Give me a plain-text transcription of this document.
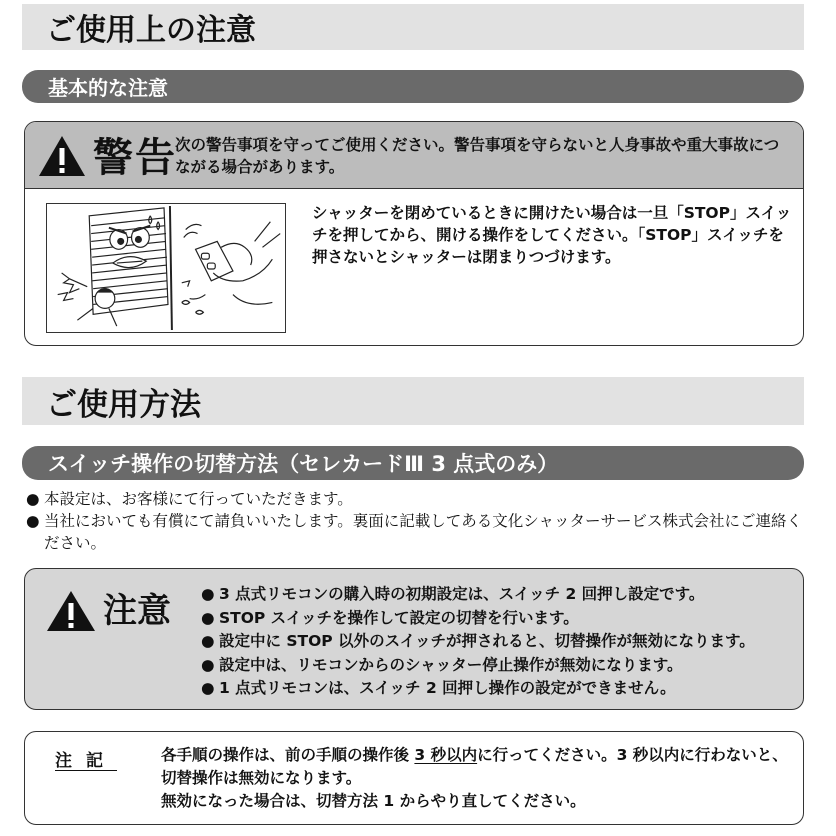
ご使用上の注意
基本的な注意
警告
次の警告事項を守ってご使用ください。警告事項を守らないと人身事故や重大事故につながる場合があります。
シャッターを閉めているときに開けたい場合は一旦「STOP」スイッチを押してから、開ける操作をしてください。「STOP」スイッチを押さないとシャッターは閉まりつづけます。
ご使用方法
スイッチ操作の切替方法（セレカードⅢ 3 点式のみ）
● 本設定は、お客様にて行っていただきます。
● 当社においても有償にて請負いいたします。裏面に記載してある文化シャッターサービス株式会社にご連絡ください。
注意 ● 3 点式リモコンの購入時の初期設定は、スイッチ 2 回押し設定です。
● STOP スイッチを操作して設定の切替を行います。
● 設定中に STOP 以外のスイッチが押されると、切替操作が無効になります。
● 設定中は、リモコンからのシャッター停止操作が無効になります。
● 1 点式リモコンは、スイッチ 2 回押し操作の設定ができません。
注記	各手順の操作は、前の手順の操作後 3 秒以内に行ってください。3 秒以内に行わないと、切替操作は無効になります。
無効になった場合は、切替方法 1 からやり直してください。
